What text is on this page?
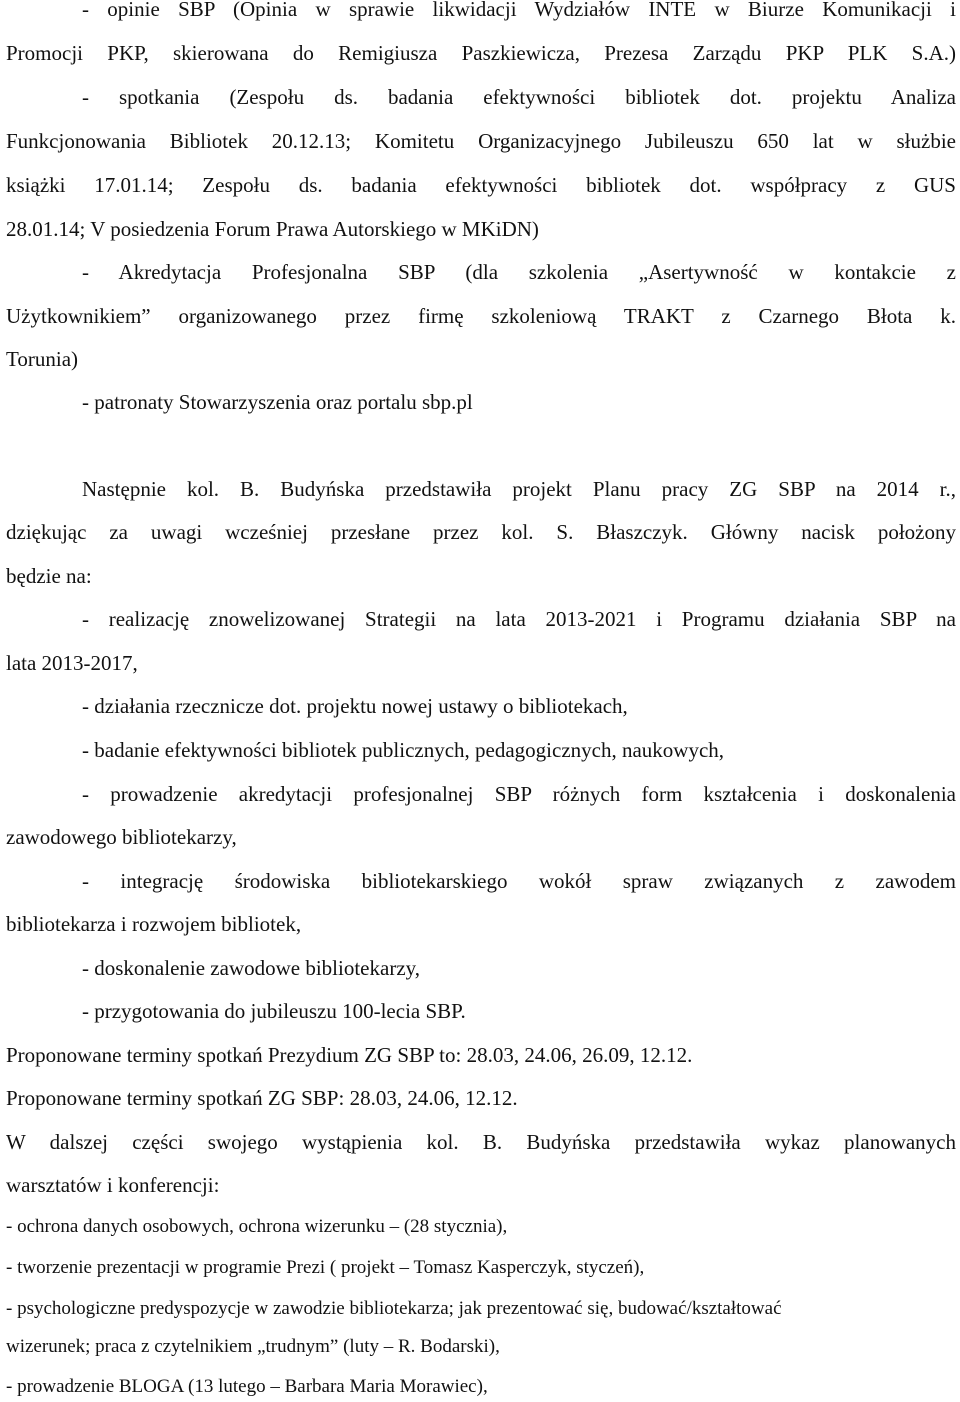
- opinie SBP (Opinia w sprawie likwidacji Wydziałów INTE w Biurze Komunikacji i
Promocji PKP, skierowana do Remigiusza Paszkiewicza, Prezesa Zarządu PKP PLK S.A.)
- spotkania (Zespołu ds. badania efektywności bibliotek dot. projektu Analiza
Funkcjonowania Bibliotek 20.12.13; Komitetu Organizacyjnego Jubileuszu 650 lat w służbie
książki 17.01.14; Zespołu ds. badania efektywności bibliotek dot. współpracy z GUS
28.01.14; V posiedzenia Forum Prawa Autorskiego w MKiDN)
- Akredytacja Profesjonalna SBP (dla szkolenia „Asertywność w kontakcie z
Użytkownikiem” organizowanego przez firmę szkoleniową TRAKT z Czarnego Błota k.
Torunia)
- patronaty Stowarzyszenia oraz portalu sbp.pl
Następnie kol. B. Budyńska przedstawiła projekt Planu pracy ZG SBP na 2014 r.,
dziękując za uwagi wcześniej przesłane przez kol. S. Błaszczyk. Główny nacisk położony
będzie na:
- realizację znowelizowanej Strategii na lata 2013-2021 i Programu działania SBP na
lata 2013-2017,
- działania rzecznicze dot. projektu nowej ustawy o bibliotekach,
- badanie efektywności bibliotek publicznych, pedagogicznych, naukowych,
- prowadzenie akredytacji profesjonalnej SBP różnych form kształcenia i doskonalenia
zawodowego bibliotekarzy,
- integrację środowiska bibliotekarskiego wokół spraw związanych z zawodem
bibliotekarza i rozwojem bibliotek,
- doskonalenie zawodowe bibliotekarzy,
- przygotowania do jubileuszu 100-lecia SBP.
Proponowane terminy spotkań Prezydium ZG SBP to: 28.03, 24.06, 26.09, 12.12.
Proponowane terminy spotkań ZG SBP: 28.03, 24.06, 12.12.
W dalszej części swojego wystąpienia kol. B. Budyńska przedstawiła wykaz planowanych
warsztatów i konferencji:
- ochrona danych osobowych, ochrona wizerunku – (28 stycznia),
- tworzenie prezentacji w programie Prezi ( projekt – Tomasz Kasperczyk, styczeń),
- psychologiczne predyspozycje w zawodzie bibliotekarza; jak prezentować się, budować/kształtować
wizerunek; praca z czytelnikiem „trudnym” (luty – R. Bodarski),
- prowadzenie BLOGA (13 lutego – Barbara Maria Morawiec),
